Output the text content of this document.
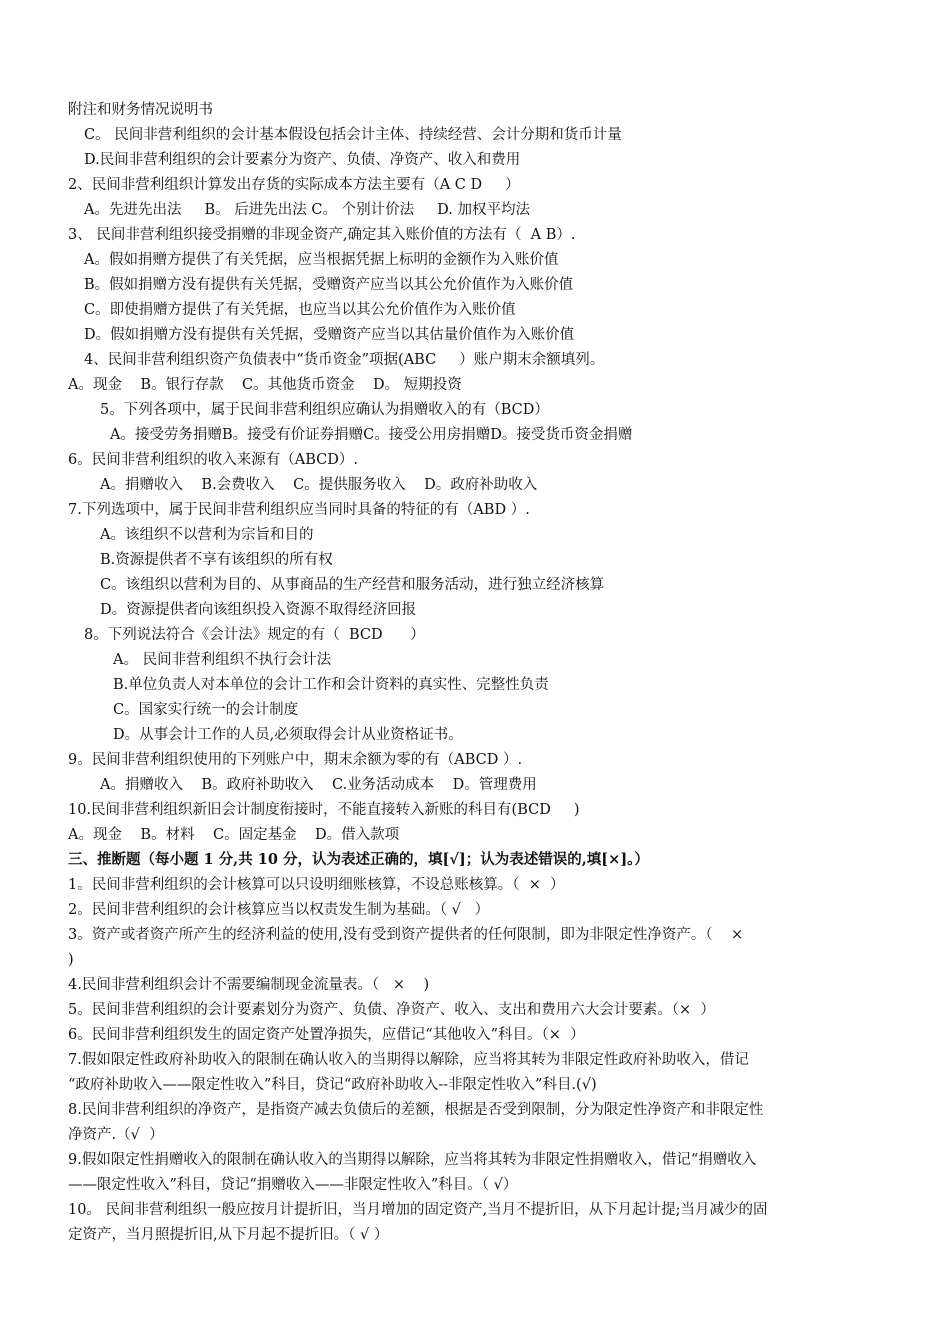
附注和财务情况说明书
C。 民间非营利组织的会计基本假设包括会计主体、持续经营、会计分期和货币计量
D.民间非营利组织的会计要素分为资产、负债、净资产、收入和费用
2、民间非营利组织计算发出存货的实际成本方法主要有（A C D     ）
A。先进先出法     B。 后进先出法 C。 个别计价法     D. 加权平均法
3、 民间非营利组织接受捐赠的非现金资产,确定其入账价值的方法有（  A B）.
A。假如捐赠方提供了有关凭据，应当根据凭据上标明的金额作为入账价值
B。假如捐赠方没有提供有关凭据，受赠资产应当以其公允价值作为入账价值
C。即使捐赠方提供了有关凭据，也应当以其公允价值作为入账价值
D。假如捐赠方没有提供有关凭据，受赠资产应当以其估量价值作为入账价值
4、民间非营利组织资产负债表中“货币资金”项据(ABC     ）账户期末余额填列。
A。现金    B。银行存款    C。其他货币资金    D。 短期投资
5。下列各项中，属于民间非营利组织应确认为捐赠收入的有（BCD）
A。接受劳务捐赠B。接受有价证券捐赠C。接受公用房捐赠D。接受货币资金捐赠
6。民间非营利组织的收入来源有（ABCD）.
A。捐赠收入    B.会费收入    C。提供服务收入    D。政府补助收入
7.下列选项中，属于民间非营利组织应当同时具备的特征的有（ABD ）.
A。该组织不以营利为宗旨和目的
B.资源提供者不享有该组织的所有权
C。该组织以营利为目的、从事商品的生产经营和服务活动，进行独立经济核算
D。资源提供者向该组织投入资源不取得经济回报
8。下列说法符合《会计法》规定的有（  BCD      ）
A。 民间非营利组织不执行会计法
B.单位负责人对本单位的会计工作和会计资料的真实性、完整性负责
C。国家实行统一的会计制度
D。从事会计工作的人员,必须取得会计从业资格证书。
9。民间非营利组织使用的下列账户中，期末余额为零的有（ABCD ）.
A。捐赠收入    B。政府补助收入    C.业务活动成本    D。管理费用
10.民间非营利组织新旧会计制度衔接时，不能直接转入新账的科目有(BCD     )
A。现金    B。材料    C。固定基金    D。借入款项
三、推断题（每小题 1 分,共 10 分，认为表述正确的，填[√]；认为表述错误的,填[×]。）
1。民间非营利组织的会计核算可以只设明细账核算，不设总账核算。（  ×  ）
2。民间非营利组织的会计核算应当以权责发生制为基础。（ √   ）
3。资产或者资产所产生的经济利益的使用,没有受到资产提供者的任何限制，即为非限定性净资产。（    ×
)
4.民间非营利组织会计不需要编制现金流量表。（   ×    )
5。民间非营利组织的会计要素划分为资产、负债、净资产、收入、支出和费用六大会计要素。（×  ）
6。民间非营利组织发生的固定资产处置净损失，应借记“其他收入”科目。（×  ）
7.假如限定性政府补助收入的限制在确认收入的当期得以解除，应当将其转为非限定性政府补助收入，借记
“政府补助收入——限定性收入”科目，贷记“政府补助收入--非限定性收入”科目.(√)
8.民间非营利组织的净资产，是指资产减去负债后的差额，根据是否受到限制，分为限定性净资产和非限定性
净资产.（√  ）
9.假如限定性捐赠收入的限制在确认收入的当期得以解除，应当将其转为非限定性捐赠收入，借记“捐赠收入
——限定性收入”科目，贷记“捐赠收入——非限定性收入”科目。（ √）
10。 民间非营利组织一般应按月计提折旧，当月增加的固定资产,当月不提折旧，从下月起计提;当月减少的固
定资产，当月照提折旧,从下月起不提折旧。（ √ ）
